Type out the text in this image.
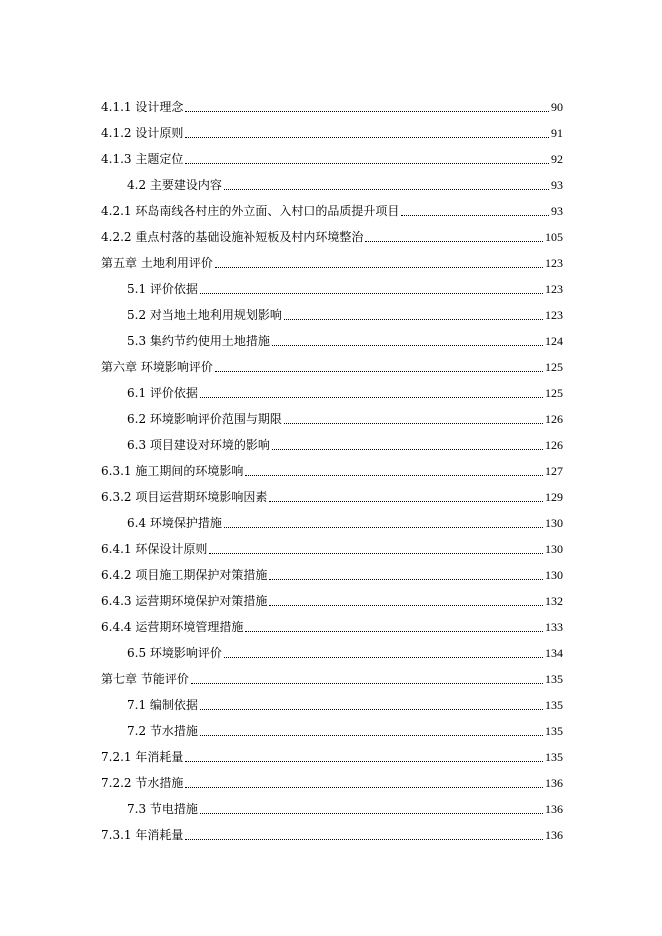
4.1.1 设计理念	90
4.1.2 设计原则	91
4.1.3 主题定位	92
4.2 主要建设内容	93
4.2.1 环岛南线各村庄的外立面、入村口的品质提升项目	93
4.2.2 重点村落的基础设施补短板及村内环境整治	105
第五章 土地利用评价	123
5.1 评价依据	123
5.2 对当地土地利用规划影响	123
5.3 集约节约使用土地措施	124
第六章 环境影响评价	125
6.1 评价依据	125
6.2 环境影响评价范围与期限	126
6.3 项目建设对环境的影响	126
6.3.1 施工期间的环境影响	127
6.3.2 项目运营期环境影响因素	129
6.4 环境保护措施	130
6.4.1 环保设计原则	130
6.4.2 项目施工期保护对策措施	130
6.4.3 运营期环境保护对策措施	132
6.4.4 运营期环境管理措施	133
6.5 环境影响评价	134
第七章 节能评价	135
7.1 编制依据	135
7.2 节水措施	135
7.2.1 年消耗量	135
7.2.2 节水措施	136
7.3 节电措施	136
7.3.1 年消耗量	136
